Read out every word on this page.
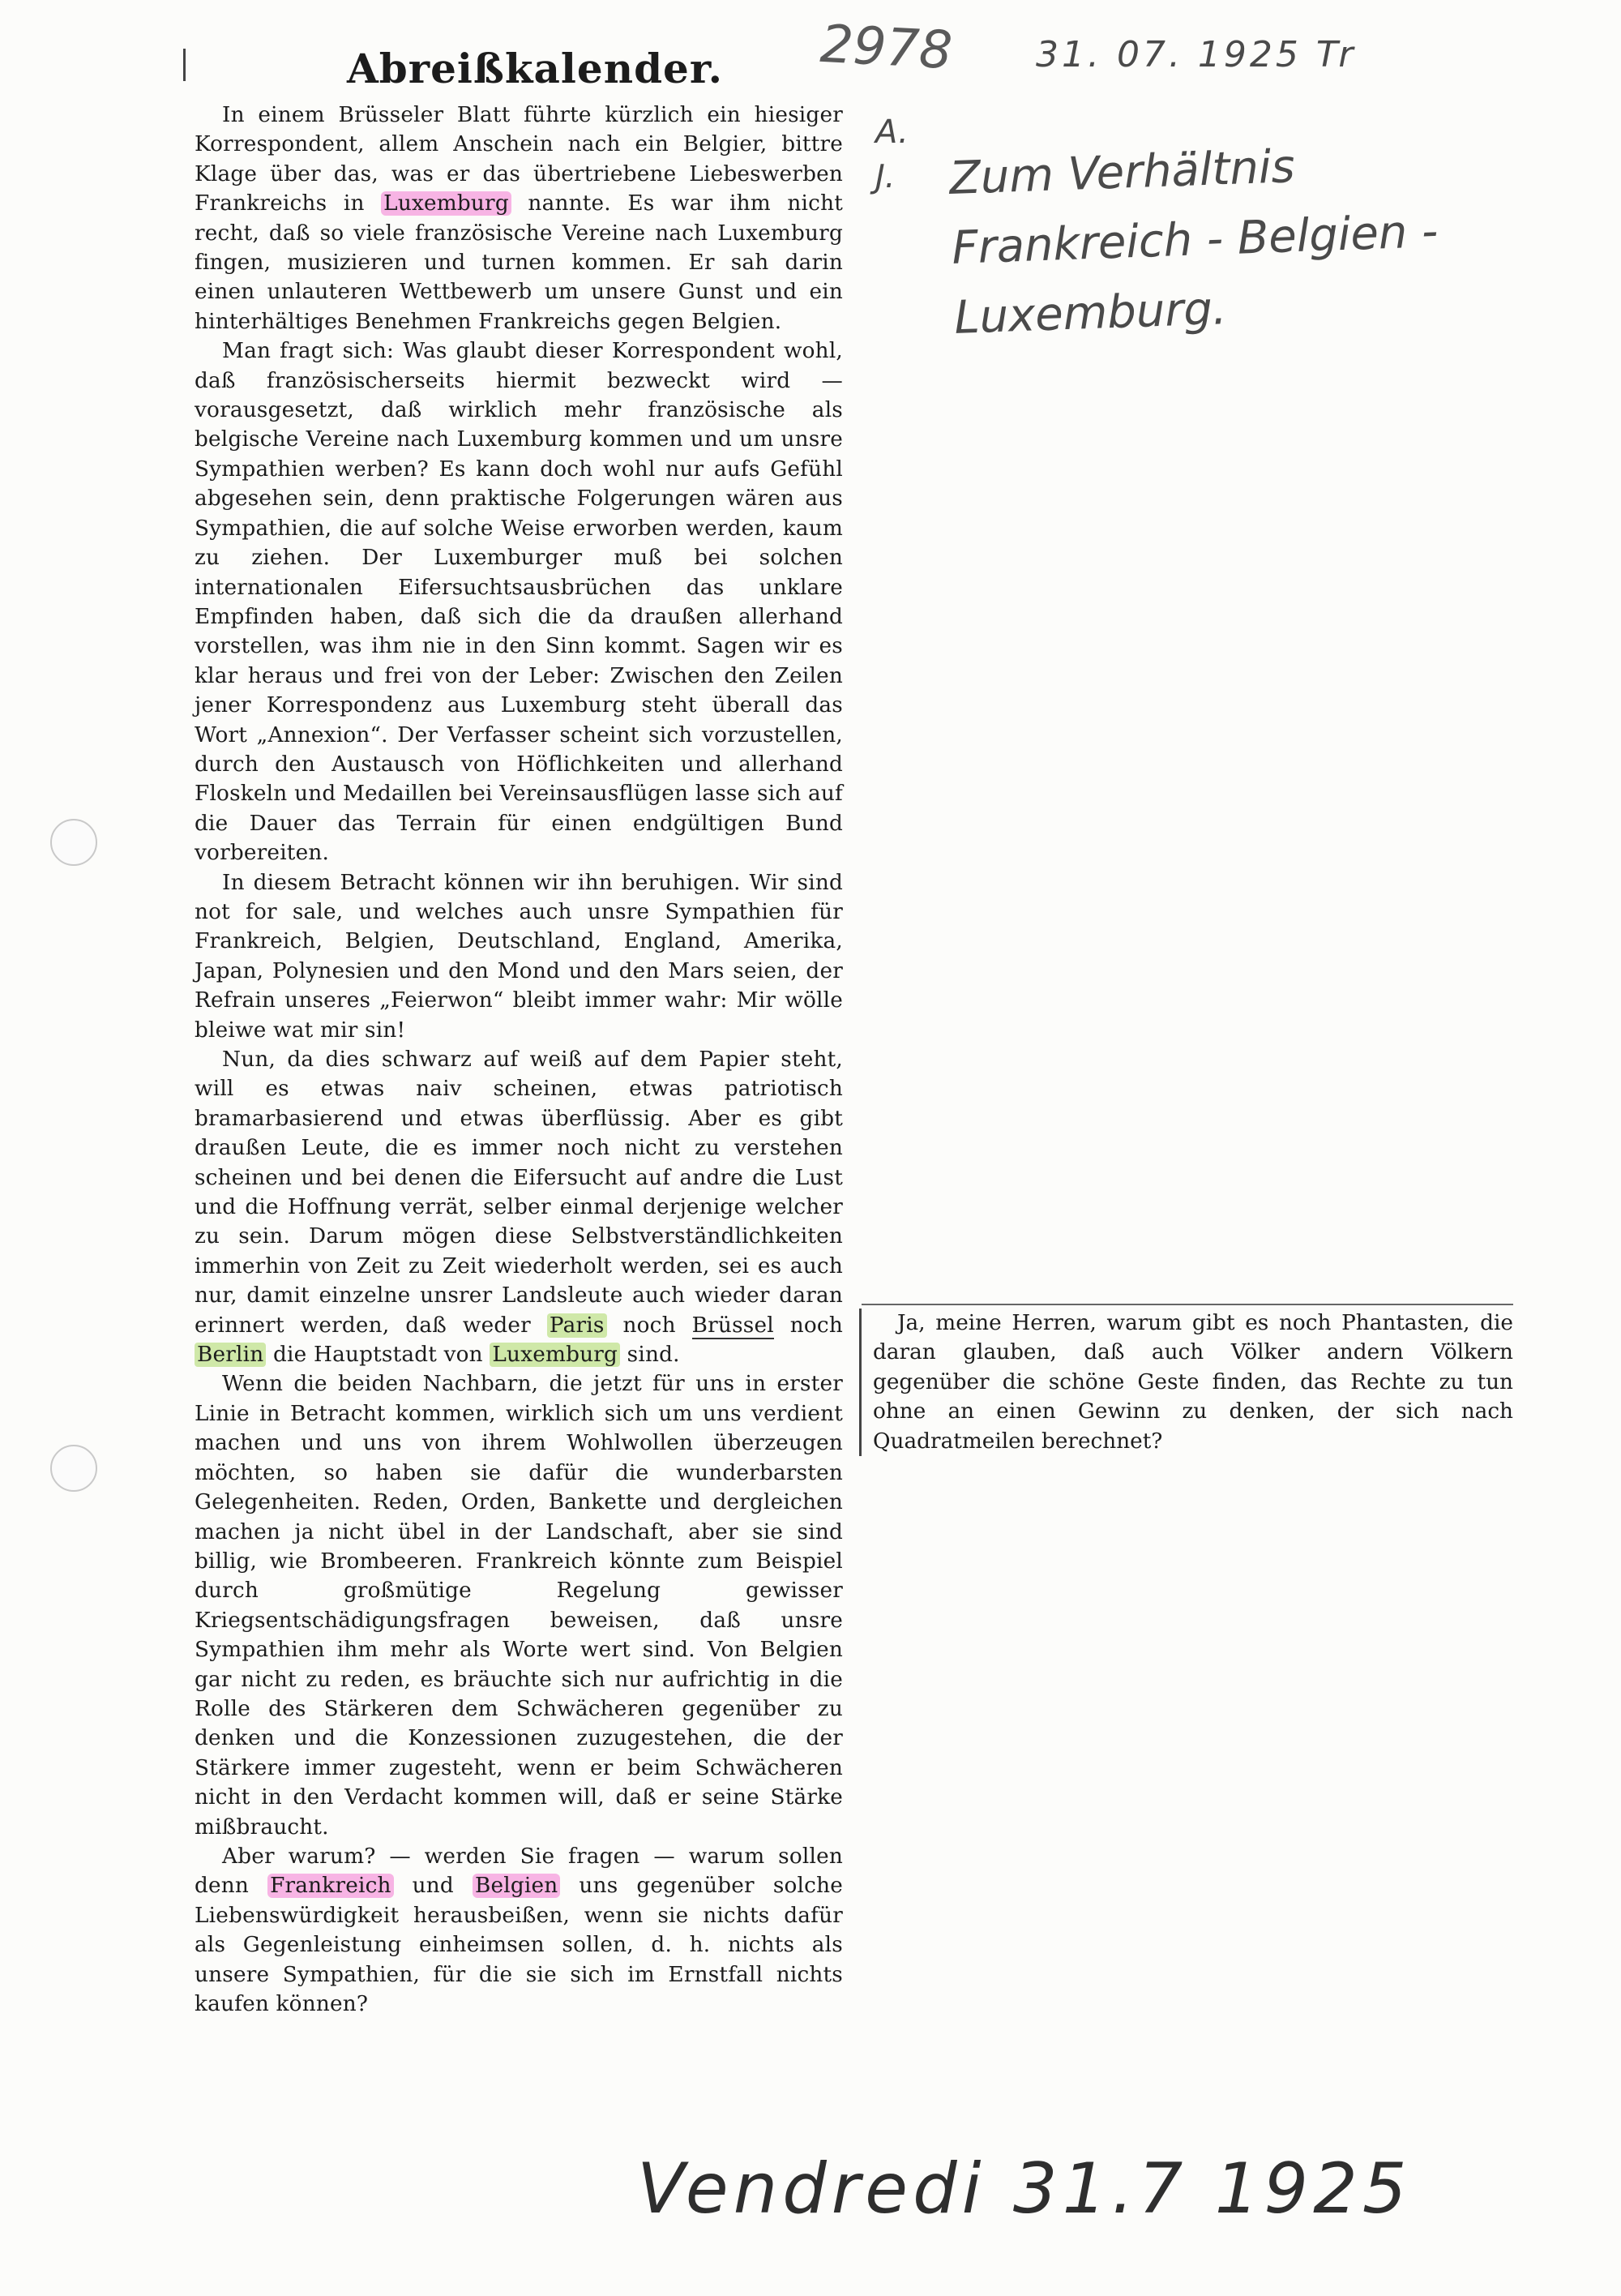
2978 31. 07. 1925 Tr
A.
J. Zum Verhältnis Frankreich - Belgien - Luxemburg.
Abreißkalender.

In einem Brüsseler Blatt führte kürzlich ein hiesiger Korrespondent, allem Anschein nach ein Belgier, bittre Klage über das, was er das übertriebene Liebeswerben Frankreichs in Luxemburg nannte. Es war ihm nicht recht, daß so viele französische Vereine nach Luxemburg fingen, musizieren und turnen kommen. Er sah darin einen unlauteren Wettbewerb um unsere Gunst und ein hinterhältiges Benehmen Frankreichs gegen Belgien.

Man fragt sich: Was glaubt dieser Korrespondent wohl, daß französischerseits hiermit bezweckt wird — vorausgesetzt, daß wirklich mehr französische als belgische Vereine nach Luxemburg kommen und um unsre Sympathien werben? Es kann doch wohl nur aufs Gefühl abgesehen sein, denn praktische Folgerungen wären aus Sympathien, die auf solche Weise erworben werden, kaum zu ziehen. Der Luxemburger muß bei solchen internationalen Eifersuchtsausbrüchen das unklare Empfinden haben, daß sich die da draußen allerhand vorstellen, was ihm nie in den Sinn kommt. Sagen wir es klar heraus und frei von der Leber: Zwischen den Zeilen jener Korrespondenz aus Luxemburg steht überall das Wort „Annexion“. Der Verfasser scheint sich vorzustellen, durch den Austausch von Höflichkeiten und allerhand Floskeln und Medaillen bei Vereinsausflügen lasse sich auf die Dauer das Terrain für einen endgültigen Bund vorbereiten.

In diesem Betracht können wir ihn beruhigen. Wir sind not for sale, und welches auch unsre Sympathien für Frankreich, Belgien, Deutschland, England, Amerika, Japan, Polynesien und den Mond und den Mars seien, der Refrain unseres „Feierwon“ bleibt immer wahr: Mir wölle bleiwe wat mir sin!

Nun, da dies schwarz auf weiß auf dem Papier steht, will es etwas naiv scheinen, etwas patriotisch bramarbasierend und etwas überflüssig. Aber es gibt draußen Leute, die es immer noch nicht zu verstehen scheinen und bei denen die Eifersucht auf andre die Lust und die Hoffnung verrät, selber einmal derjenige welcher zu sein. Darum mögen diese Selbstverständlichkeiten immerhin von Zeit zu Zeit wiederholt werden, sei es auch nur, damit einzelne unsrer Landsleute auch wieder daran erinnert werden, daß weder Paris noch Brüssel noch Berlin die Hauptstadt von Luxemburg sind.

Wenn die beiden Nachbarn, die jetzt für uns in erster Linie in Betracht kommen, wirklich sich um uns verdient machen und uns von ihrem Wohlwollen überzeugen möchten, so haben sie dafür die wunderbarsten Gelegenheiten. Reden, Orden, Bankette und dergleichen machen ja nicht übel in der Landschaft, aber sie sind billig, wie Brombeeren. Frankreich könnte zum Beispiel durch großmütige Regelung gewisser Kriegsentschädigungsfragen beweisen, daß unsre Sympathien ihm mehr als Worte wert sind. Von Belgien gar nicht zu reden, es bräuchte sich nur aufrichtig in die Rolle des Stärkeren dem Schwächeren gegenüber zu denken und die Konzessionen zuzugestehen, die der Stärkere immer zugesteht, wenn er beim Schwächeren nicht in den Verdacht kommen will, daß er seine Stärke mißbraucht.

Aber warum? — werden Sie fragen — warum sollen denn Frankreich und Belgien uns gegenüber solche Liebenswürdigkeit herausbeißen, wenn sie nichts dafür als Gegenleistung einheimsen sollen, d. h. nichts als unsere Sympathien, für die sie sich im Ernstfall nichts kaufen können?

Ja, meine Herren, warum gibt es noch Phantasten, die daran glauben, daß auch Völker andern Völkern gegenüber die schöne Geste finden, das Rechte zu tun ohne an einen Gewinn zu denken, der sich nach Quadratmeilen berechnet?

Vendredi 31.7 1925
